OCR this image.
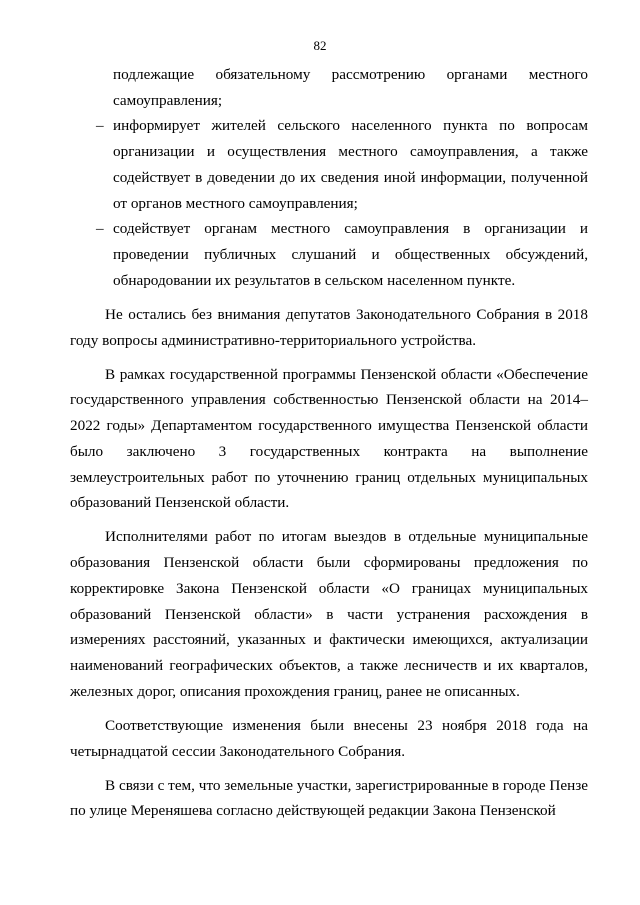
82

подлежащие обязательному рассмотрению органами местного самоуправления;

– информирует жителей сельского населенного пункта по вопросам организации и осуществления местного самоуправления, а также содействует в доведении до их сведения иной информации, полученной от органов местного самоуправления;

– содействует органам местного самоуправления в организации и проведении публичных слушаний и общественных обсуждений, обнародовании их результатов в сельском населенном пункте.

Не остались без внимания депутатов Законодательного Собрания в 2018 году вопросы административно-территориального устройства.

В рамках государственной программы Пензенской области «Обеспечение государственного управления собственностью Пензенской области на 2014–2022 годы» Департаментом государственного имущества Пензенской области было заключено 3 государственных контракта на выполнение землеустроительных работ по уточнению границ отдельных муниципальных образований Пензенской области.

Исполнителями работ по итогам выездов в отдельные муниципальные образования Пензенской области были сформированы предложения по корректировке Закона Пензенской области «О границах муниципальных образований Пензенской области» в части устранения расхождения в измерениях расстояний, указанных и фактически имеющихся, актуализации наименований географических объектов, а также лесничеств и их кварталов, железных дорог, описания прохождения границ, ранее не описанных.

Соответствующие изменения были внесены 23 ноября 2018 года на четырнадцатой сессии Законодательного Собрания.

В связи с тем, что земельные участки, зарегистрированные в городе Пензе по улице Мереняшева согласно действующей редакции Закона Пензенской
